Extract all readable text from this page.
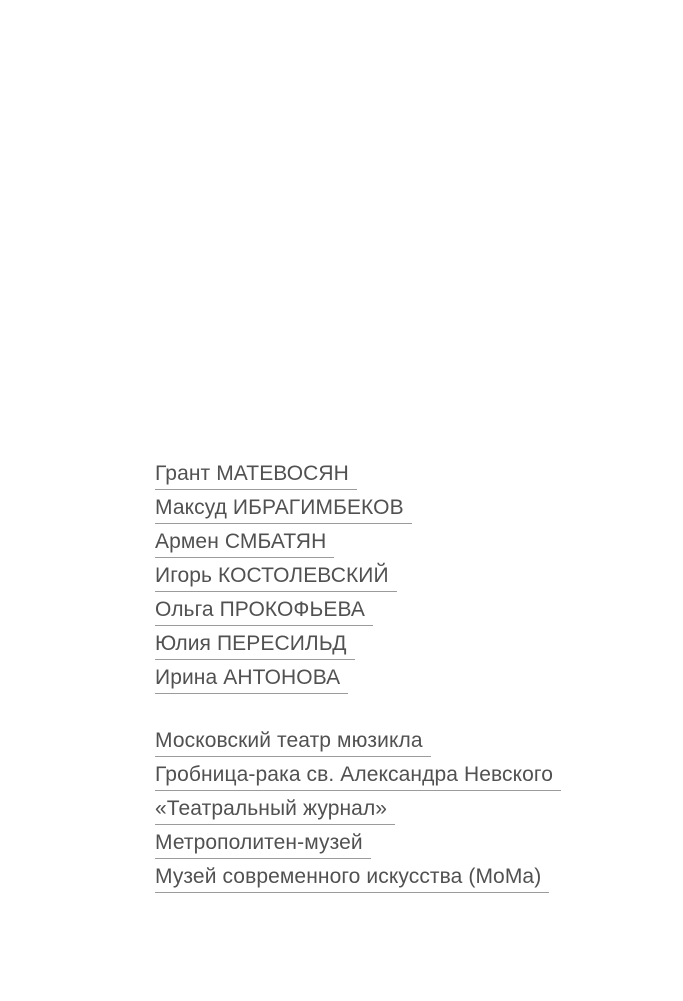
Грант МАТЕВОСЯН
Максуд ИБРАГИМБЕКОВ
Армен СМБАТЯН
Игорь КОСТОЛЕВСКИЙ
Ольга ПРОКОФЬЕВА
Юлия ПЕРЕСИЛЬД
Ирина АНТОНОВА
Московский театр мюзикла
Гробница-рака св. Александра Невского
«Театральный журнал»
Метрополитен-музей
Музей современного искусства (MoMa)
